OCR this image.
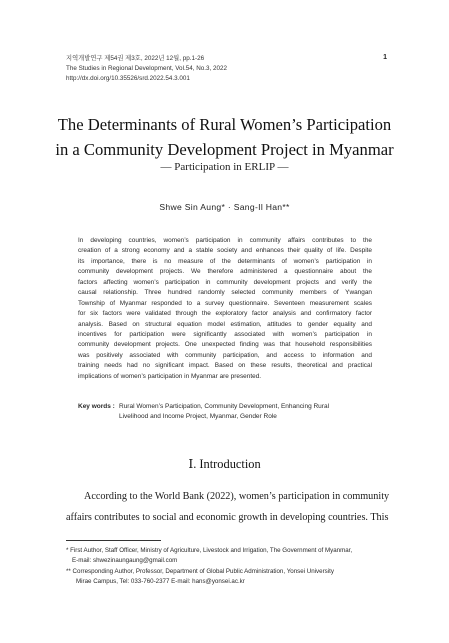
지역개발연구 제54권 제3호, 2022년 12월, pp.1-26
The Studies in Regional Development, Vol.54, No.3, 2022
http://dx.doi.org/10.35526/srd.2022.54.3.001
1
The Determinants of Rural Women’s Participation
in a Community Development Project in Myanmar
― Participation in ERLIP ―
Shwe Sin Aung* · Sang-Il Han**
In developing countries, women’s participation in community affairs contributes to the
creation of a strong economy and a stable society and enhances their quality of life. Despite
its importance, there is no measure of the determinants of women’s participation in
community development projects. We therefore administered a questionnaire about the
factors affecting women’s participation in community development projects and verify the
causal relationship. Three hundred randomly selected community members of Ywangan
Township of Myanmar responded to a survey questionnaire. Seventeen measurement scales
for six factors were validated through the exploratory factor analysis and confirmatory factor
analysis. Based on structural equation model estimation, attitudes to gender equality and
incentives for participation were significantly associated with women’s participation in
community development projects. One unexpected finding was that household responsibilities
was positively associated with community participation, and access to information and
training needs had no significant impact. Based on these results, theoretical and practical
implications of women’s participation in Myanmar are presented.
Key words : Rural Women’s Participation, Community Development, Enhancing Rural
Livelihood and Income Project, Myanmar, Gender Role
Ⅰ. Introduction
According to the World Bank (2022), women’s participation in community
affairs contributes to social and economic growth in developing countries. This
* First Author, Staff Officer, Ministry of Agriculture, Livestock and Irrigation, The Government of Myanmar,
E-mail: shwezinaungaung@gmail.com
** Corresponding Author, Professor, Department of Global Public Administration, Yonsei University
Mirae Campus, Tel: 033-760-2377 E-mail: hans@yonsei.ac.kr
